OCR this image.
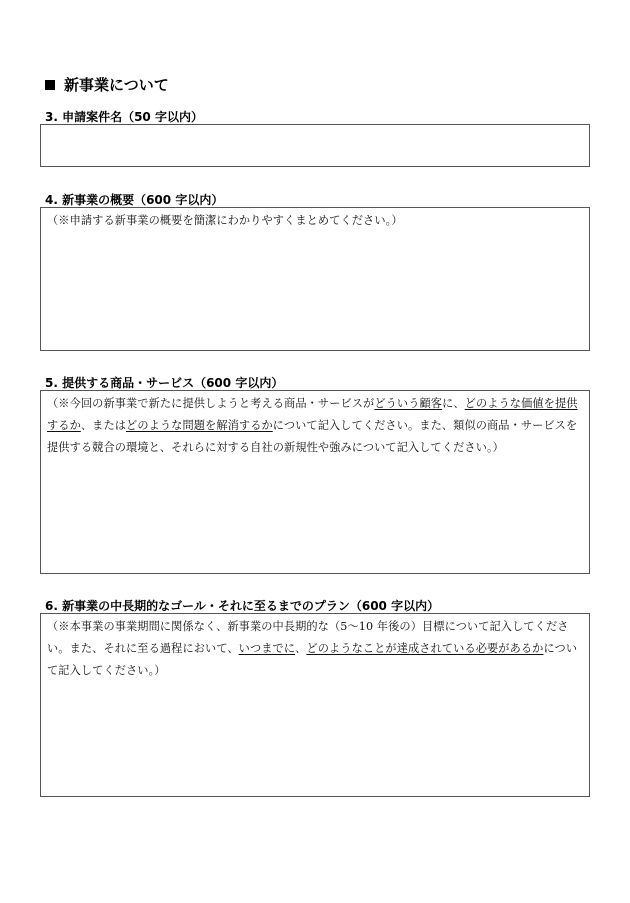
新事業について
3. 申請案件名（50 字以内）

4. 新事業の概要（600 字以内）

（※申請する新事業の概要を簡潔にわかりやすくまとめてください。）

5. 提供する商品・サービス（600 字以内）

（※今回の新事業で新たに提供しようと考える商品・サービスがどういう顧客に、どのような価値を提供するか、またはどのような問題を解消するかについて記入してください。また、類似の商品・サービスを提供する競合の環境と、それらに対する自社の新規性や強みについて記入してください。）

6. 新事業の中長期的なゴール・それに至るまでのプラン（600 字以内）

（※本事業の事業期間に関係なく、新事業の中長期的な（5〜10 年後の）目標について記入してください。また、それに至る過程において、いつまでに、どのようなことが達成されている必要があるかについて記入してください。）
